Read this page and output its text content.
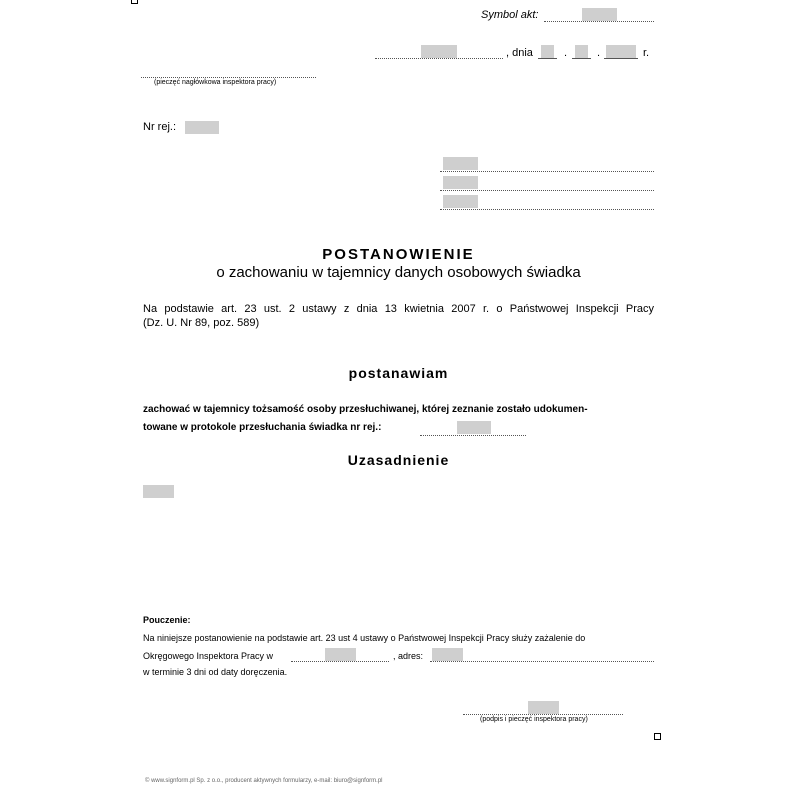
Symbol akt:
, dnia	.	.	r.
(pieczęć nagłówkowa inspektora pracy)
Nr rej.:
POSTANOWIENIE
o zachowaniu w tajemnicy danych osobowych świadka
Na podstawie art. 23 ust. 2 ustawy z dnia 13 kwietnia 2007 r. o Państwowej Inspekcji Pracy
(Dz. U. Nr 89, poz. 589)
postanawiam
zachować w tajemnicy tożsamość osoby przesłuchiwanej, której zeznanie zostało udokumen-
towane w protokole przesłuchania świadka nr rej.:
Uzasadnienie
Pouczenie:
Na niniejsze postanowienie na podstawie art. 23 ust 4 ustawy o Państwowej Inspekcji Pracy służy zażalenie do
Okręgowego Inspektora Pracy w	, adres:
w terminie 3 dni od daty doręczenia.
(podpis i pieczęć inspektora pracy)
© www.signform.pl Sp. z o.o., producent aktywnych formularzy, e-mail: biuro@signform.pl
